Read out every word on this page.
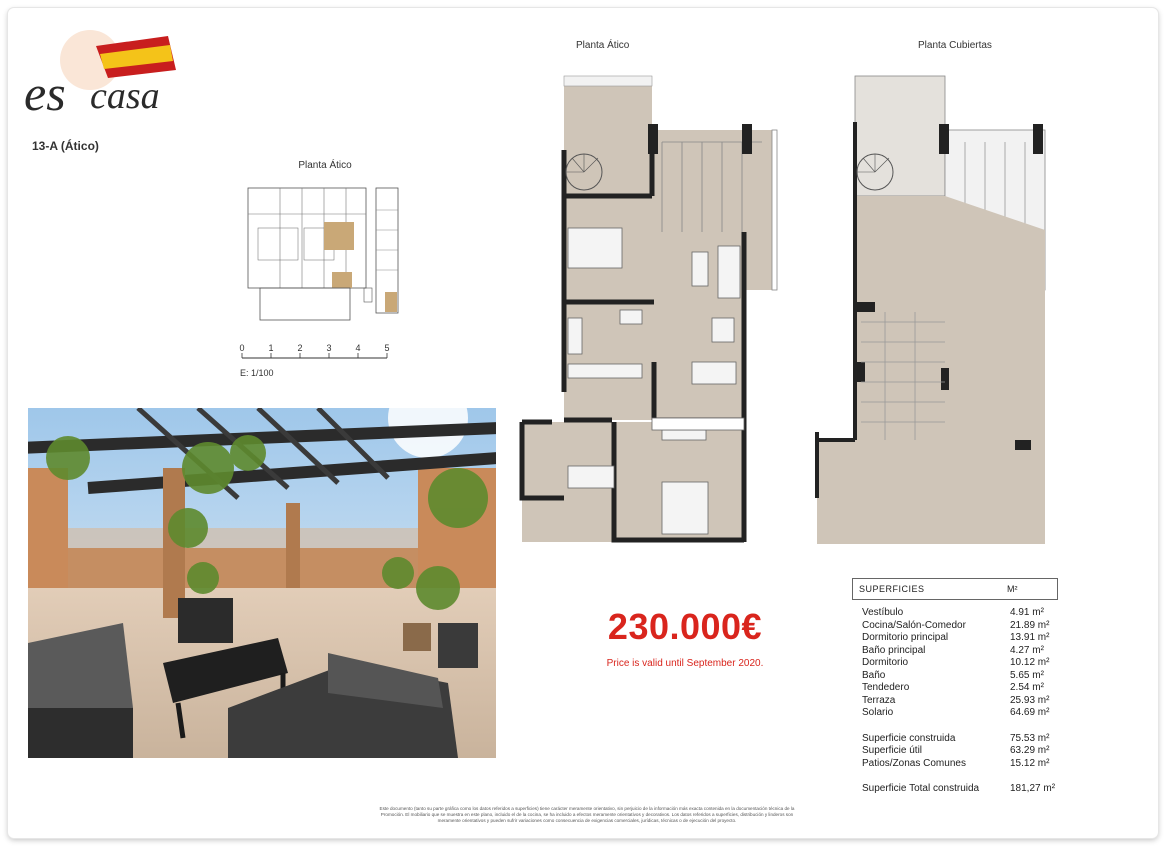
es casa
13-A (Ático)
Planta Ático
0	1	2	3	4	5
E: 1/100
Planta Ático	Planta Cubiertas
230.000€
Price is valid until September 2020.
SUPERFICIES	M²
Vestíbulo	4.91 m²
Cocina/Salón-Comedor	21.89 m²
Dormitorio principal	13.91 m²
Baño principal	4.27 m²
Dormitorio	10.12 m²
Baño	5.65 m²
Tendedero	2.54 m²
Terraza	25.93 m²
Solario	64.69 m²
Superficie construida	75.53 m²
Superficie útil	63.29 m²
Patios/Zonas Comunes	15.12 m²
Superficie Total construida	181,27 m²
Este documento (tanto su parte gráfica como los datos referidos a superficies) tiene carácter meramente orientativo, sin perjuicio de la información más exacta contenida en la documentación técnica de la Promoción. El mobiliario que se muestra en este plano, incluido el de la cocina, se ha incluido a efectos meramente orientativos y decorativos. Los datos referidos a superficies, distribución y linderos son meramente orientativos y pueden sufrir variaciones como consecuencia de exigencias comerciales, jurídicas, técnicas o de ejecución del proyecto.
